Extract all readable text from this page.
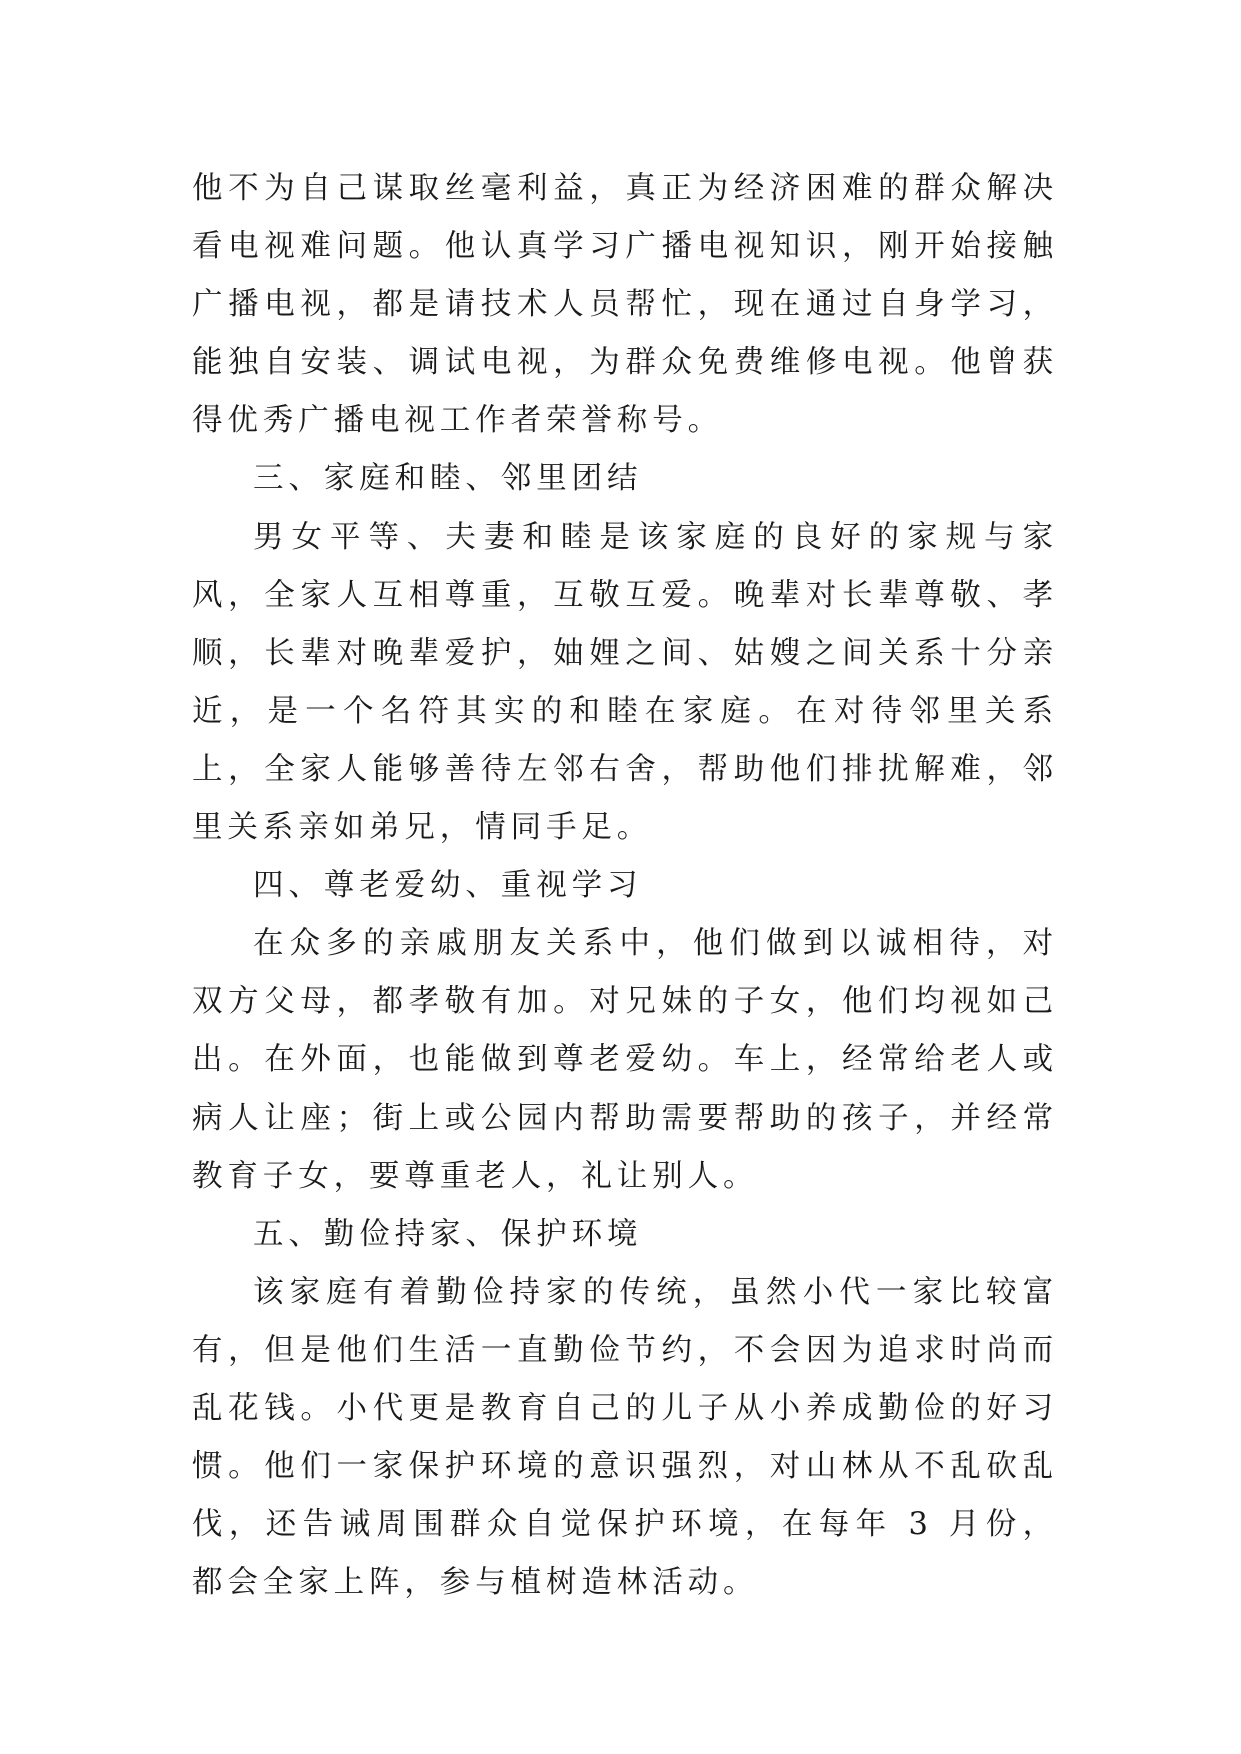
他不为自己谋取丝毫利益，真正为经济困难的群众解决看电视难问题。他认真学习广播电视知识，刚开始接触广播电视，都是请技术人员帮忙，现在通过自身学习，能独自安装、调试电视，为群众免费维修电视。他曾获得优秀广播电视工作者荣誉称号。

三、家庭和睦、邻里团结

男女平等、夫妻和睦是该家庭的良好的家规与家风，全家人互相尊重，互敬互爱。晚辈对长辈尊敬、孝顺，长辈对晚辈爱护，妯娌之间、姑嫂之间关系十分亲近，是一个名符其实的和睦在家庭。在对待邻里关系上，全家人能够善待左邻右舍，帮助他们排扰解难，邻里关系亲如弟兄，情同手足。

四、尊老爱幼、重视学习

在众多的亲戚朋友关系中，他们做到以诚相待，对双方父母，都孝敬有加。对兄妹的子女，他们均视如己出。在外面，也能做到尊老爱幼。车上，经常给老人或病人让座；街上或公园内帮助需要帮助的孩子，并经常教育子女，要尊重老人，礼让别人。

五、勤俭持家、保护环境

该家庭有着勤俭持家的传统，虽然小代一家比较富有，但是他们生活一直勤俭节约，不会因为追求时尚而乱花钱。小代更是教育自己的儿子从小养成勤俭的好习惯。他们一家保护环境的意识强烈，对山林从不乱砍乱伐，还告诫周围群众自觉保护环境，在每年 3 月份，都会全家上阵，参与植树造林活动。
